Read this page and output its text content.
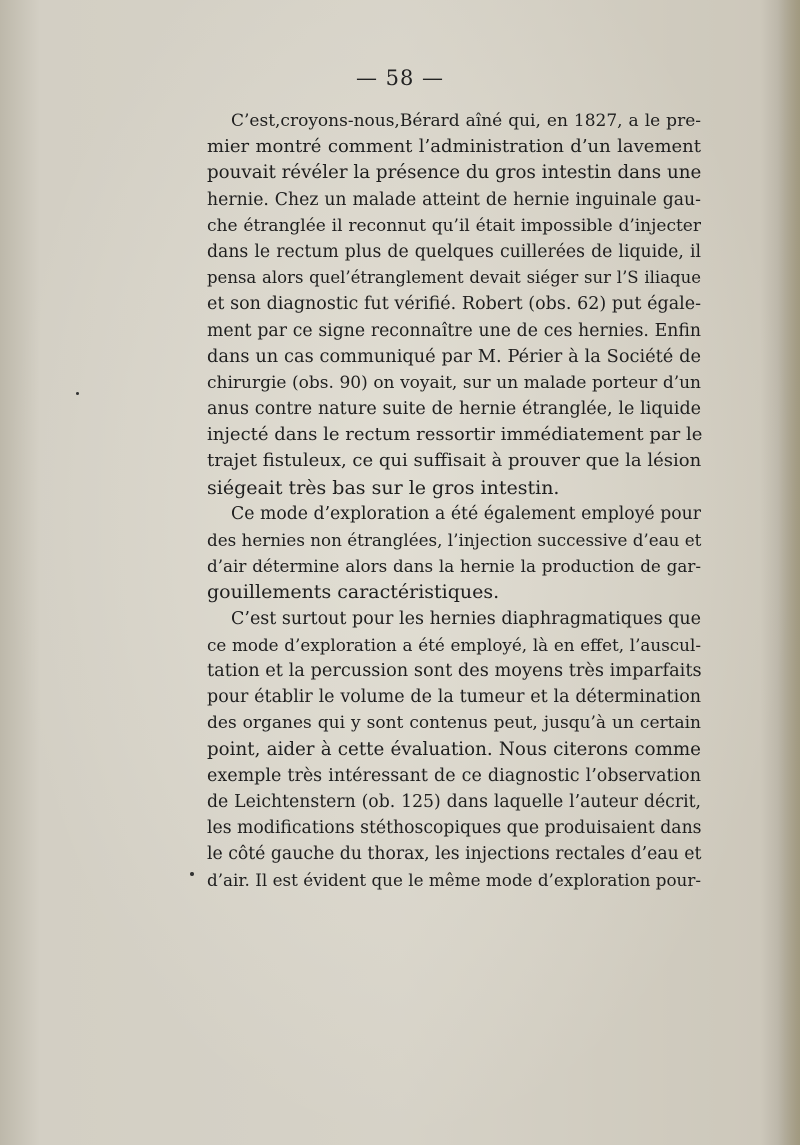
— 58 —
C’est,croyons-nous,Bérard aîné qui, en 1827, a le pre-
mier montré comment l’administration d’un lavement
pouvait révéler la présence du gros intestin dans une
hernie. Chez un malade atteint de hernie inguinale gau-
che étranglée il reconnut qu’il était impossible d’injecter
dans le rectum plus de quelques cuillerées de liquide, il
pensa alors quel’étranglement devait siéger sur l’S iliaque
et son diagnostic fut vérifié. Robert (obs. 62) put égale-
ment par ce signe reconnaître une de ces hernies. Enfin
dans un cas communiqué par M. Périer à la Société de
chirurgie (obs. 90) on voyait, sur un malade porteur d’un
anus contre nature suite de hernie étranglée, le liquide
injecté dans le rectum ressortir immédiatement par le
trajet fistuleux, ce qui suffisait à prouver que la lésion
siégeait très bas sur le gros intestin.
Ce mode d’exploration a été également employé pour
des hernies non étranglées, l’injection successive d’eau et
d’air détermine alors dans la hernie la production de gar-
gouillements caractéristiques.
C’est surtout pour les hernies diaphragmatiques que
ce mode d’exploration a été employé, là en effet, l’auscul-
tation et la percussion sont des moyens très imparfaits
pour établir le volume de la tumeur et la détermination
des organes qui y sont contenus peut, jusqu’à un certain
point, aider à cette évaluation. Nous citerons comme
exemple très intéressant de ce diagnostic l’observation
de Leichtenstern (ob. 125) dans laquelle l’auteur décrit,
les modifications stéthoscopiques que produisaient dans
le côté gauche du thorax, les injections rectales d’eau et
d’air. Il est évident que le même mode d’exploration pour-
